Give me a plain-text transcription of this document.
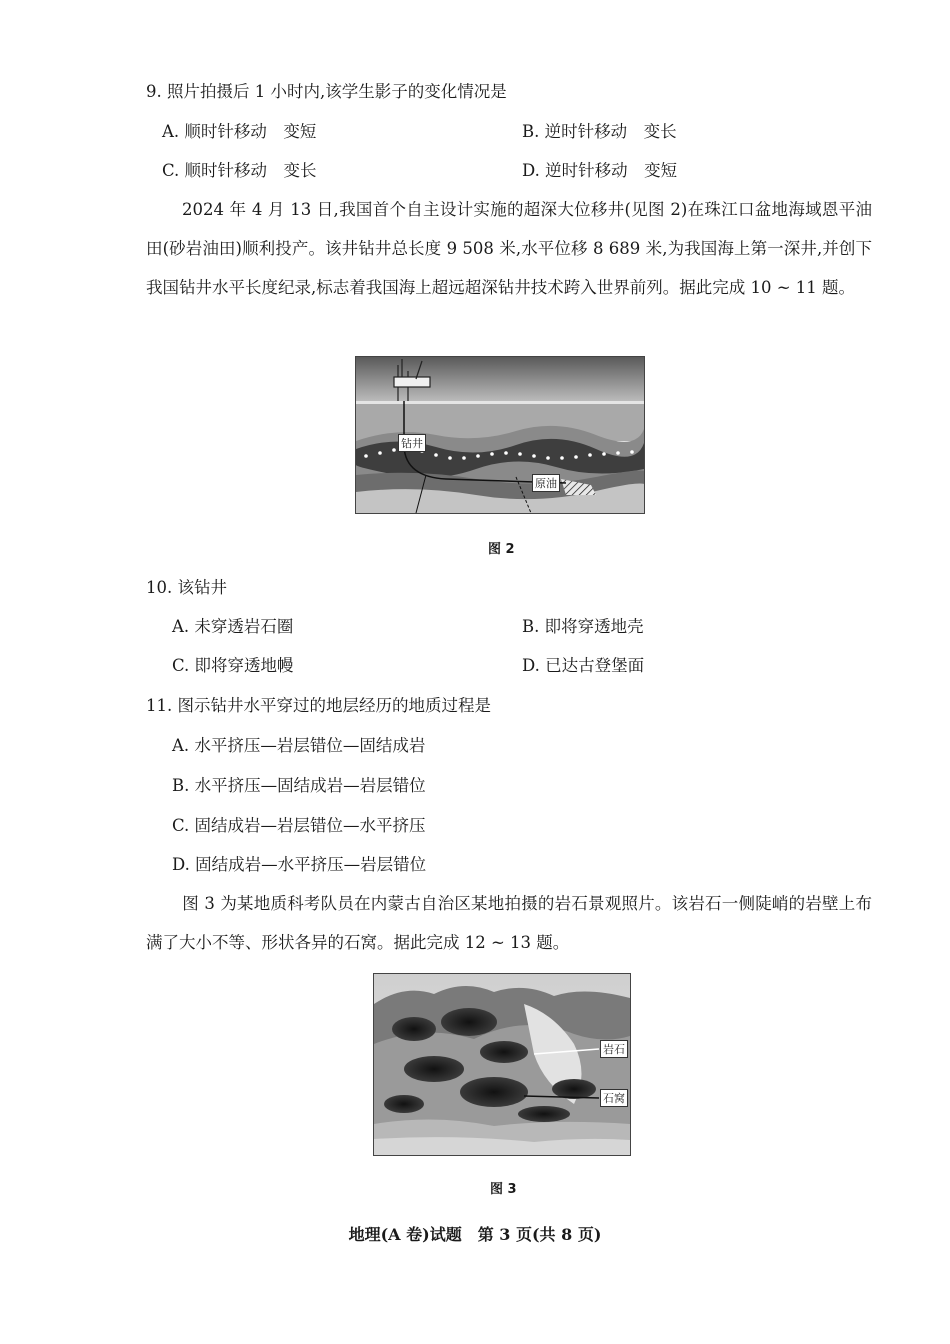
9. 照片拍摄后 1 小时内,该学生影子的变化情况是
A. 顺时针移动　变短	B. 逆时针移动　变长
C. 顺时针移动　变长	D. 逆时针移动　变短
2024 年 4 月 13 日,我国首个自主设计实施的超深大位移井(见图 2)在珠江口盆地海域恩平油田(砂岩油田)顺利投产。该井钻井总长度 9 508 米,水平位移 8 689 米,为我国海上第一深井,并创下我国钻井水平长度纪录,标志着我国海上超远超深钻井技术跨入世界前列。据此完成 10 ~ 11 题。
钻井
原油
图 2
10. 该钻井
A. 未穿透岩石圈	B. 即将穿透地壳
C. 即将穿透地幔	D. 已达古登堡面
11. 图示钻井水平穿过的地层经历的地质过程是
A. 水平挤压—岩层错位—固结成岩
B. 水平挤压—固结成岩—岩层错位
C. 固结成岩—岩层错位—水平挤压
D. 固结成岩—水平挤压—岩层错位
图 3 为某地质科考队员在内蒙古自治区某地拍摄的岩石景观照片。该岩石一侧陡峭的岩壁上布满了大小不等、形状各异的石窝。据此完成 12 ~ 13 题。
岩石
石窝
图 3
地理(A 卷)试题　第 3 页(共 8 页)
